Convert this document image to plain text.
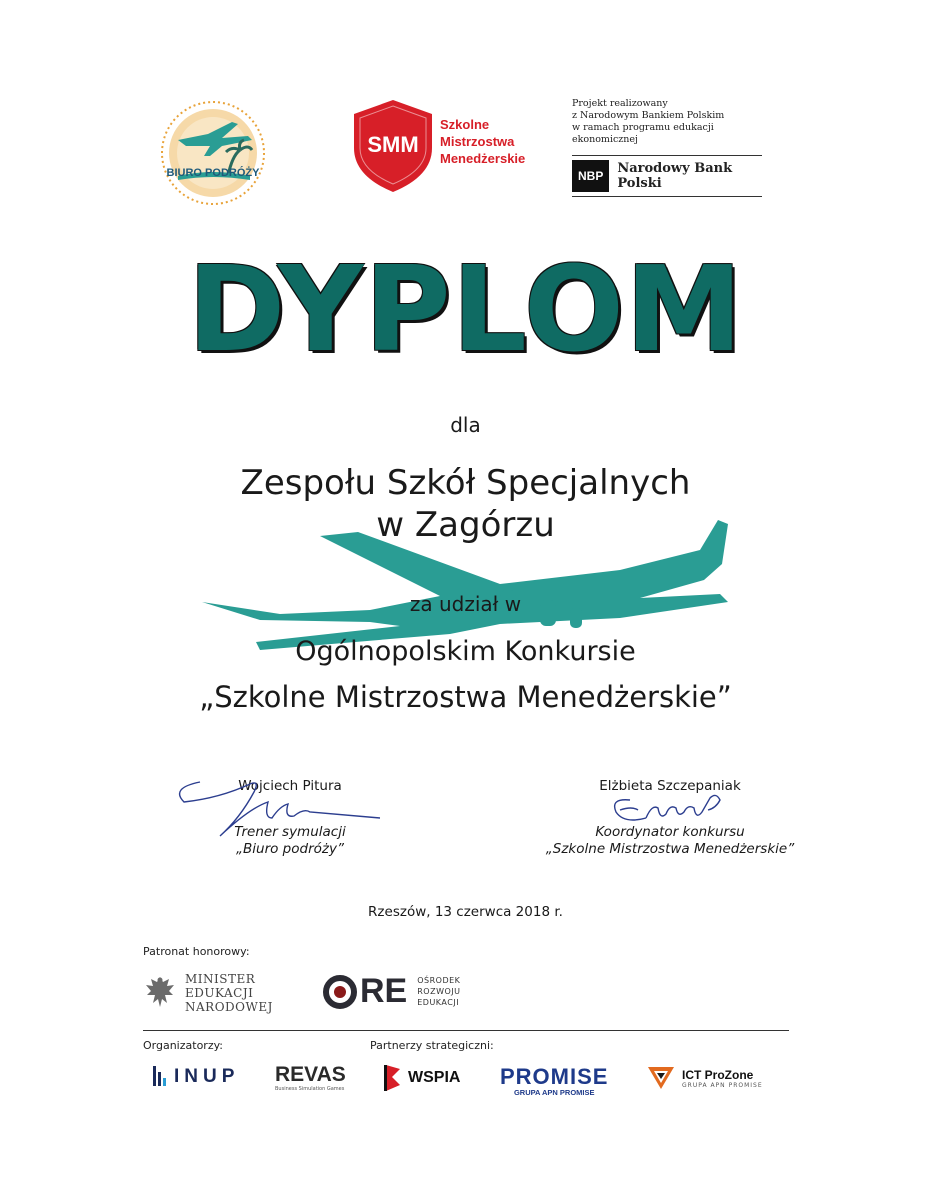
BIURO PODRÓŻY
SMM
Szkolne
Mistrzostwa
Menedżerskie
Projekt realizowany
z Narodowym Bankiem Polskim
w ramach programu edukacji ekonomicznej
NBP	Narodowy Bank Polski
DYPLOM
dla
Zespołu Szkół Specjalnych
w Zagórzu
za udział w
Ogólnopolskim Konkursie
„Szkolne Mistrzostwa Menedżerskie”
Wojciech Pitura
Trener symulacji
„Biuro podróży”
Elżbieta Szczepaniak
Koordynator konkursu
„Szkolne Mistrzostwa Menedżerskie”
Rzeszów, 13 czerwca 2018 r.
Patronat honorowy:
MINISTER
EDUKACJI
NARODOWEJ	RE OŚRODEK
ROZWOJU
EDUKACJI
Organizatorzy:	Partnerzy strategiczni:
INUP REVAS
Business Simulation Games
WSPIA PROMISE
GRUPA APN PROMISE
ICT ProZone
GRUPA APN PROMISE
